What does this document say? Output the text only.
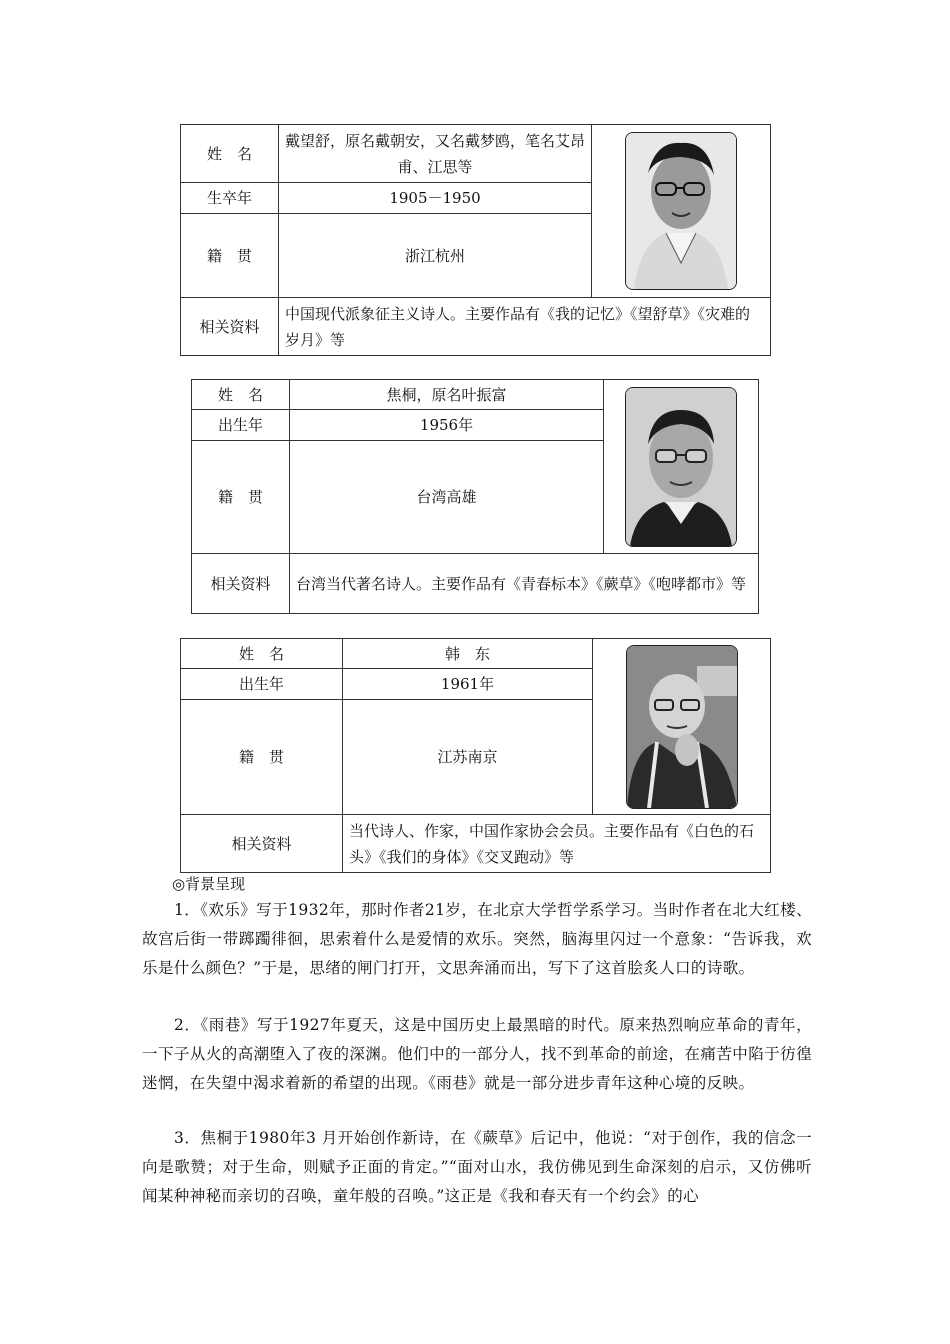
姓　名	戴望舒，原名戴朝安，又名戴梦鸥，笔名艾昂甫、江思等	

生卒年	1905－1950	
籍　贯	浙江杭州	
相关资料	中国现代派象征主义诗人。主要作品有《我的记忆》《望舒草》《灾难的岁月》等	
姓　名	焦桐，原名叶振富	

出生年	1956年	
籍　贯	台湾高雄	
相关资料	台湾当代著名诗人。主要作品有《青春标本》《蕨草》《咆哮都市》等	
姓　名	韩　东	

出生年	1961年	
籍　贯	江苏南京	
相关资料	当代诗人、作家，中国作家协会会员。主要作品有《白色的石头》《我们的身体》《交叉跑动》等	
◎背景呈现

1．《欢乐》写于1932年，那时作者21岁，在北京大学哲学系学习。当时作者在北大红楼、故宫后街一带踯躅徘徊，思索着什么是爱情的欢乐。突然，脑海里闪过一个意象：“告诉我，欢乐是什么颜色？”于是，思绪的闸门打开，文思奔涌而出，写下了这首脍炙人口的诗歌。

2．《雨巷》写于1927年夏天，这是中国历史上最黑暗的时代。原来热烈响应革命的青年，一下子从火的高潮堕入了夜的深渊。他们中的一部分人，找不到革命的前途，在痛苦中陷于彷徨迷惘，在失望中渴求着新的希望的出现。《雨巷》就是一部分进步青年这种心境的反映。

3．焦桐于1980年3 月开始创作新诗，在《蕨草》后记中，他说：“对于创作，我的信念一向是歌赞；对于生命，则赋予正面的肯定。”“面对山水，我仿佛见到生命深刻的启示，又仿佛听闻某种神秘而亲切的召唤，童年般的召唤。”这正是《我和春天有一个约会》的心
